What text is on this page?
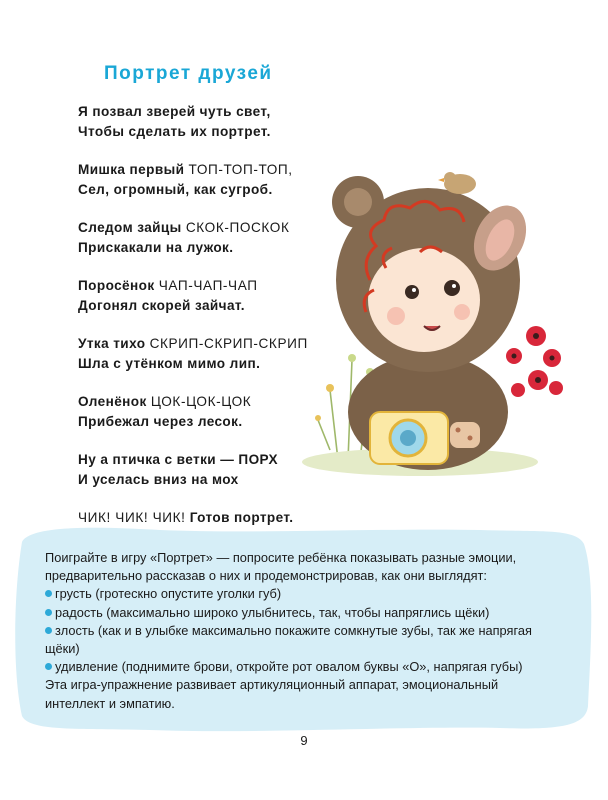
Портрет друзей
Я позвал зверей чуть свет,
Чтобы сделать их портрет.
Мишка первый ТОП-ТОП-ТОП,
Сел, огромный, как сугроб.
Следом зайцы СКОК-ПОСКОК
Прискакали на лужок.
Поросёнок ЧАП-ЧАП-ЧАП
Догонял скорей зайчат.
Утка тихо СКРИП-СКРИП-СКРИП
Шла с утёнком мимо лип.
Оленёнок ЦОК-ЦОК-ЦОК
Прибежал через лесок.
Ну а птичка с ветки — ПОРХ
И уселась вниз на мох
ЧИК! ЧИК! ЧИК! Готов портрет.
Поиграйте в игру «Портрет» — попросите ребёнка показывать разные эмоции,
предварительно рассказав о них и продемонстрировав, как они выглядят:
грусть (гротескно опустите уголки губ)
радость (максимально широко улыбнитесь, так, чтобы напряглись щёки)
злость (как и в улыбке максимально покажите сомкнутые зубы, так же напрягая
щёки)
удивление (поднимите брови, откройте рот овалом буквы «О», напрягая губы)
Эта игра-упражнение развивает артикуляционный аппарат, эмоциональный
интеллект и эмпатию.
9
